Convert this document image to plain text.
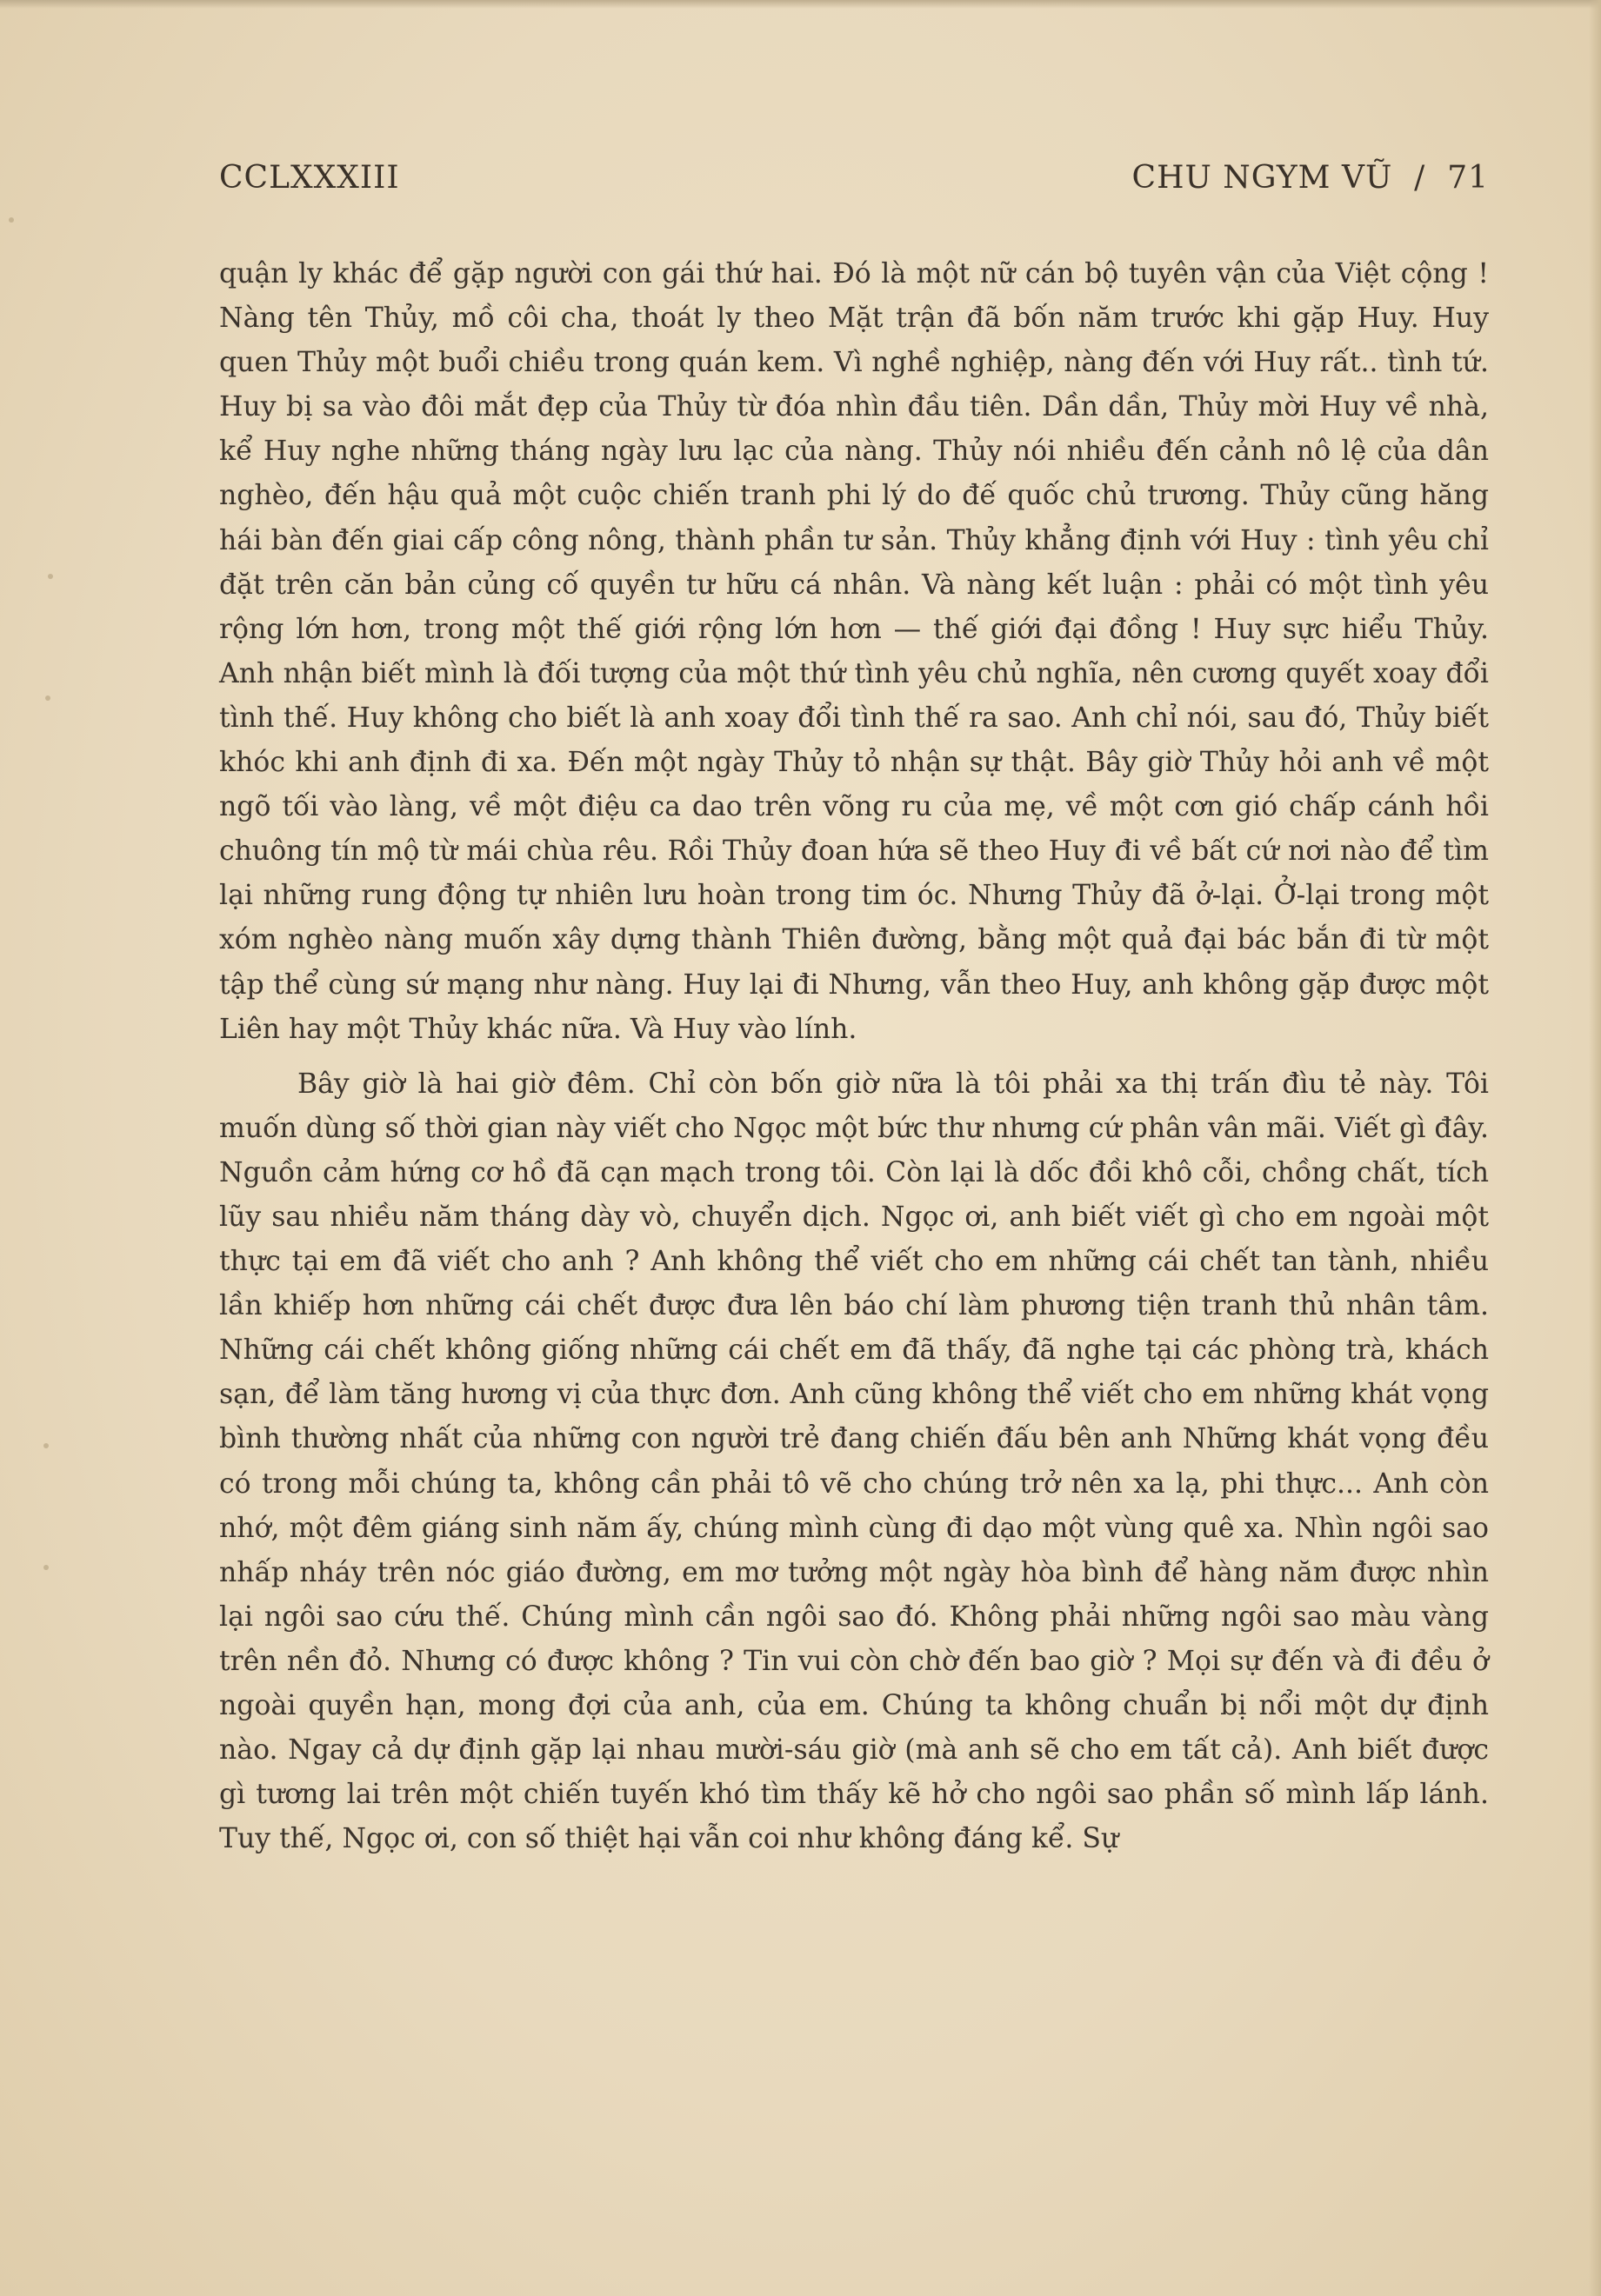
CCLXXXIII	CHU NGYM VŨ  /  71

quận ly khác để gặp người con gái thứ hai. Đó là một nữ cán bộ tuyên vận của Việt cộng ! Nàng tên Thủy, mồ côi cha, thoát ly theo Mặt trận đã bốn năm trước khi gặp Huy. Huy quen Thủy một buổi chiều trong quán kem. Vì nghề nghiệp, nàng đến với Huy rất.. tình tứ. Huy bị sa vào đôi mắt đẹp của Thủy từ đóa nhìn đầu tiên. Dần dần, Thủy mời Huy về nhà, kể Huy nghe những tháng ngày lưu lạc của nàng. Thủy nói nhiều đến cảnh nô lệ của dân nghèo, đến hậu quả một cuộc chiến tranh phi lý do đế quốc chủ trương. Thủy cũng hăng hái bàn đến giai cấp công nông, thành phần tư sản. Thủy khẳng định với Huy : tình yêu chỉ đặt trên căn bản củng cố quyền tư hữu cá nhân. Và nàng kết luận : phải có một tình yêu rộng lớn hơn, trong một thế giới rộng lớn hơn — thế giới đại đồng ! Huy sực hiểu Thủy. Anh nhận biết mình là đối tượng của một thứ tình yêu chủ nghĩa, nên cương quyết xoay đổi tình thế. Huy không cho biết là anh xoay đổi tình thế ra sao. Anh chỉ nói, sau đó, Thủy biết khóc khi anh định đi xa. Đến một ngày Thủy tỏ nhận sự thật. Bây giờ Thủy hỏi anh về một ngõ tối vào làng, về một điệu ca dao trên võng ru của mẹ, về một cơn gió chấp cánh hồi chuông tín mộ từ mái chùa rêu. Rồi Thủy đoan hứa sẽ theo Huy đi về bất cứ nơi nào để tìm lại những rung động tự nhiên lưu hoàn trong tim óc. Nhưng Thủy đã ở-lại. Ở-lại trong một xóm nghèo nàng muốn xây dựng thành Thiên đường, bằng một quả đại bác bắn đi từ một tập thể cùng sứ mạng như nàng. Huy lại đi Nhưng, vẫn theo Huy, anh không gặp được một Liên hay một Thủy khác nữa. Và Huy vào lính.

Bây giờ là hai giờ đêm. Chỉ còn bốn giờ nữa là tôi phải xa thị trấn đìu tẻ này. Tôi muốn dùng số thời gian này viết cho Ngọc một bức thư nhưng cứ phân vân mãi. Viết gì đây. Nguồn cảm hứng cơ hồ đã cạn mạch trong tôi. Còn lại là dốc đồi khô cỗi, chồng chất, tích lũy sau nhiều năm tháng dày vò, chuyển dịch. Ngọc ơi, anh biết viết gì cho em ngoài một thực tại em đã viết cho anh ? Anh không thể viết cho em những cái chết tan tành, nhiều lần khiếp hơn những cái chết được đưa lên báo chí làm phương tiện tranh thủ nhân tâm. Những cái chết không giống những cái chết em đã thấy, đã nghe tại các phòng trà, khách sạn, để làm tăng hương vị của thực đơn. Anh cũng không thể viết cho em những khát vọng bình thường nhất của những con người trẻ đang chiến đấu bên anh Những khát vọng đều có trong mỗi chúng ta, không cần phải tô vẽ cho chúng trở nên xa lạ, phi thực... Anh còn nhớ, một đêm giáng sinh năm ấy, chúng mình cùng đi dạo một vùng quê xa. Nhìn ngôi sao nhấp nháy trên nóc giáo đường, em mơ tưởng một ngày hòa bình để hàng năm được nhìn lại ngôi sao cứu thế. Chúng mình cần ngôi sao đó. Không phải những ngôi sao màu vàng trên nền đỏ. Nhưng có được không ? Tin vui còn chờ đến bao giờ ? Mọi sự đến và đi đều ở ngoài quyền hạn, mong đợi của anh, của em. Chúng ta không chuẩn bị nổi một dự định nào. Ngay cả dự định gặp lại nhau mười-sáu giờ (mà anh sẽ cho em tất cả). Anh biết được gì tương lai trên một chiến tuyến khó tìm thấy kẽ hở cho ngôi sao phần số mình lấp lánh. Tuy thế, Ngọc ơi, con số thiệt hại vẫn coi như không đáng kể. Sự
